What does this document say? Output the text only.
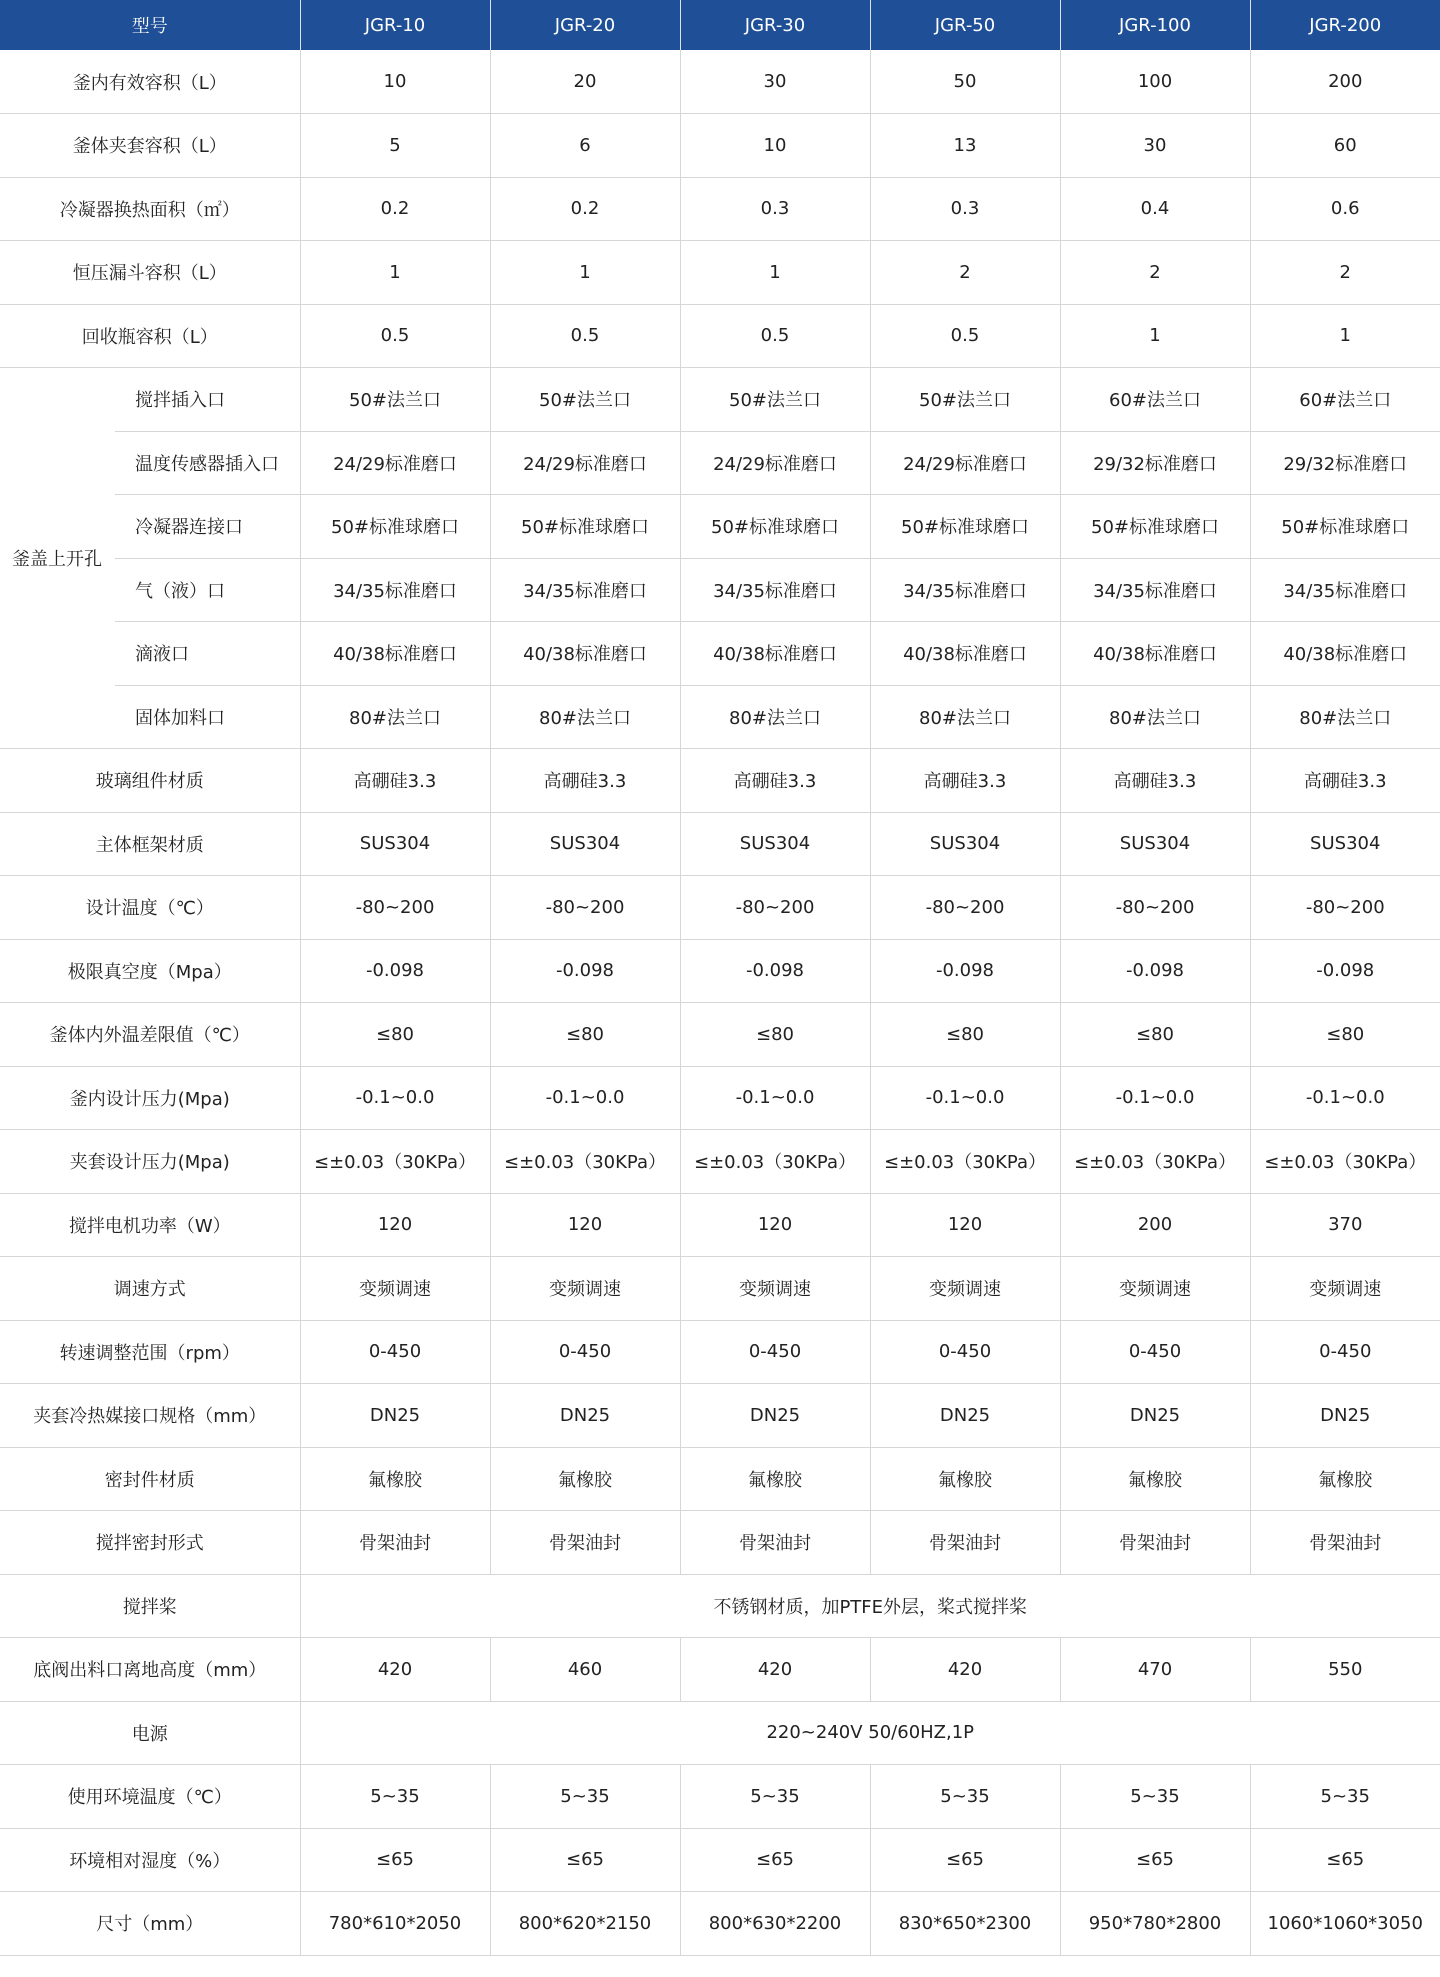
型号		JGR-10	JGR-20	JGR-30	JGR-50	JGR-100	JGR-200
釜内有效容积（L）		10	20	30	50	100	200
釜体夹套容积（L）		5	6	10	13	30	60
冷凝器换热面积（㎡）		0.2	0.2	0.3	0.3	0.4	0.6
恒压漏斗容积（L）		1	1	1	2	2	2
回收瓶容积（L）		0.5	0.5	0.5	0.5	1	1
釜盖上开孔	搅拌插入口	50#法兰口	50#法兰口	50#法兰口	50#法兰口	60#法兰口	60#法兰口
	温度传感器插入口	24/29标准磨口	24/29标准磨口	24/29标准磨口	24/29标准磨口	29/32标准磨口	29/32标准磨口
	冷凝器连接口	50#标准球磨口	50#标准球磨口	50#标准球磨口	50#标准球磨口	50#标准球磨口	50#标准球磨口
	气（液）口	34/35标准磨口	34/35标准磨口	34/35标准磨口	34/35标准磨口	34/35标准磨口	34/35标准磨口
	滴液口	40/38标准磨口	40/38标准磨口	40/38标准磨口	40/38标准磨口	40/38标准磨口	40/38标准磨口
	固体加料口	80#法兰口	80#法兰口	80#法兰口	80#法兰口	80#法兰口	80#法兰口
玻璃组件材质		高硼硅3.3	高硼硅3.3	高硼硅3.3	高硼硅3.3	高硼硅3.3	高硼硅3.3
主体框架材质		SUS304	SUS304	SUS304	SUS304	SUS304	SUS304
设计温度（℃）		-80~200	-80~200	-80~200	-80~200	-80~200	-80~200
极限真空度（Mpa）		-0.098	-0.098	-0.098	-0.098	-0.098	-0.098
釜体内外温差限值（℃）		≤80	≤80	≤80	≤80	≤80	≤80
釜内设计压力(Mpa)		-0.1~0.0	-0.1~0.0	-0.1~0.0	-0.1~0.0	-0.1~0.0	-0.1~0.0
夹套设计压力(Mpa)		≤±0.03（30KPa）	≤±0.03（30KPa）	≤±0.03（30KPa）	≤±0.03（30KPa）	≤±0.03（30KPa）	≤±0.03（30KPa）
搅拌电机功率（W）		120	120	120	120	200	370
调速方式		变频调速	变频调速	变频调速	变频调速	变频调速	变频调速
转速调整范围（rpm）		0-450	0-450	0-450	0-450	0-450	0-450
夹套冷热媒接口规格（mm）		DN25	DN25	DN25	DN25	DN25	DN25
密封件材质		氟橡胶	氟橡胶	氟橡胶	氟橡胶	氟橡胶	氟橡胶
搅拌密封形式		骨架油封	骨架油封	骨架油封	骨架油封	骨架油封	骨架油封
搅拌桨		不锈钢材质，加PTFE外层，桨式搅拌桨					
底阀出料口离地高度（mm）		420	460	420	420	470	550
电源		220~240V 50/60HZ,1P					
使用环境温度（℃）		5~35	5~35	5~35	5~35	5~35	5~35
环境相对湿度（%）		≤65	≤65	≤65	≤65	≤65	≤65
尺寸（mm）		780*610*2050	800*620*2150	800*630*2200	830*650*2300	950*780*2800	1060*1060*3050
